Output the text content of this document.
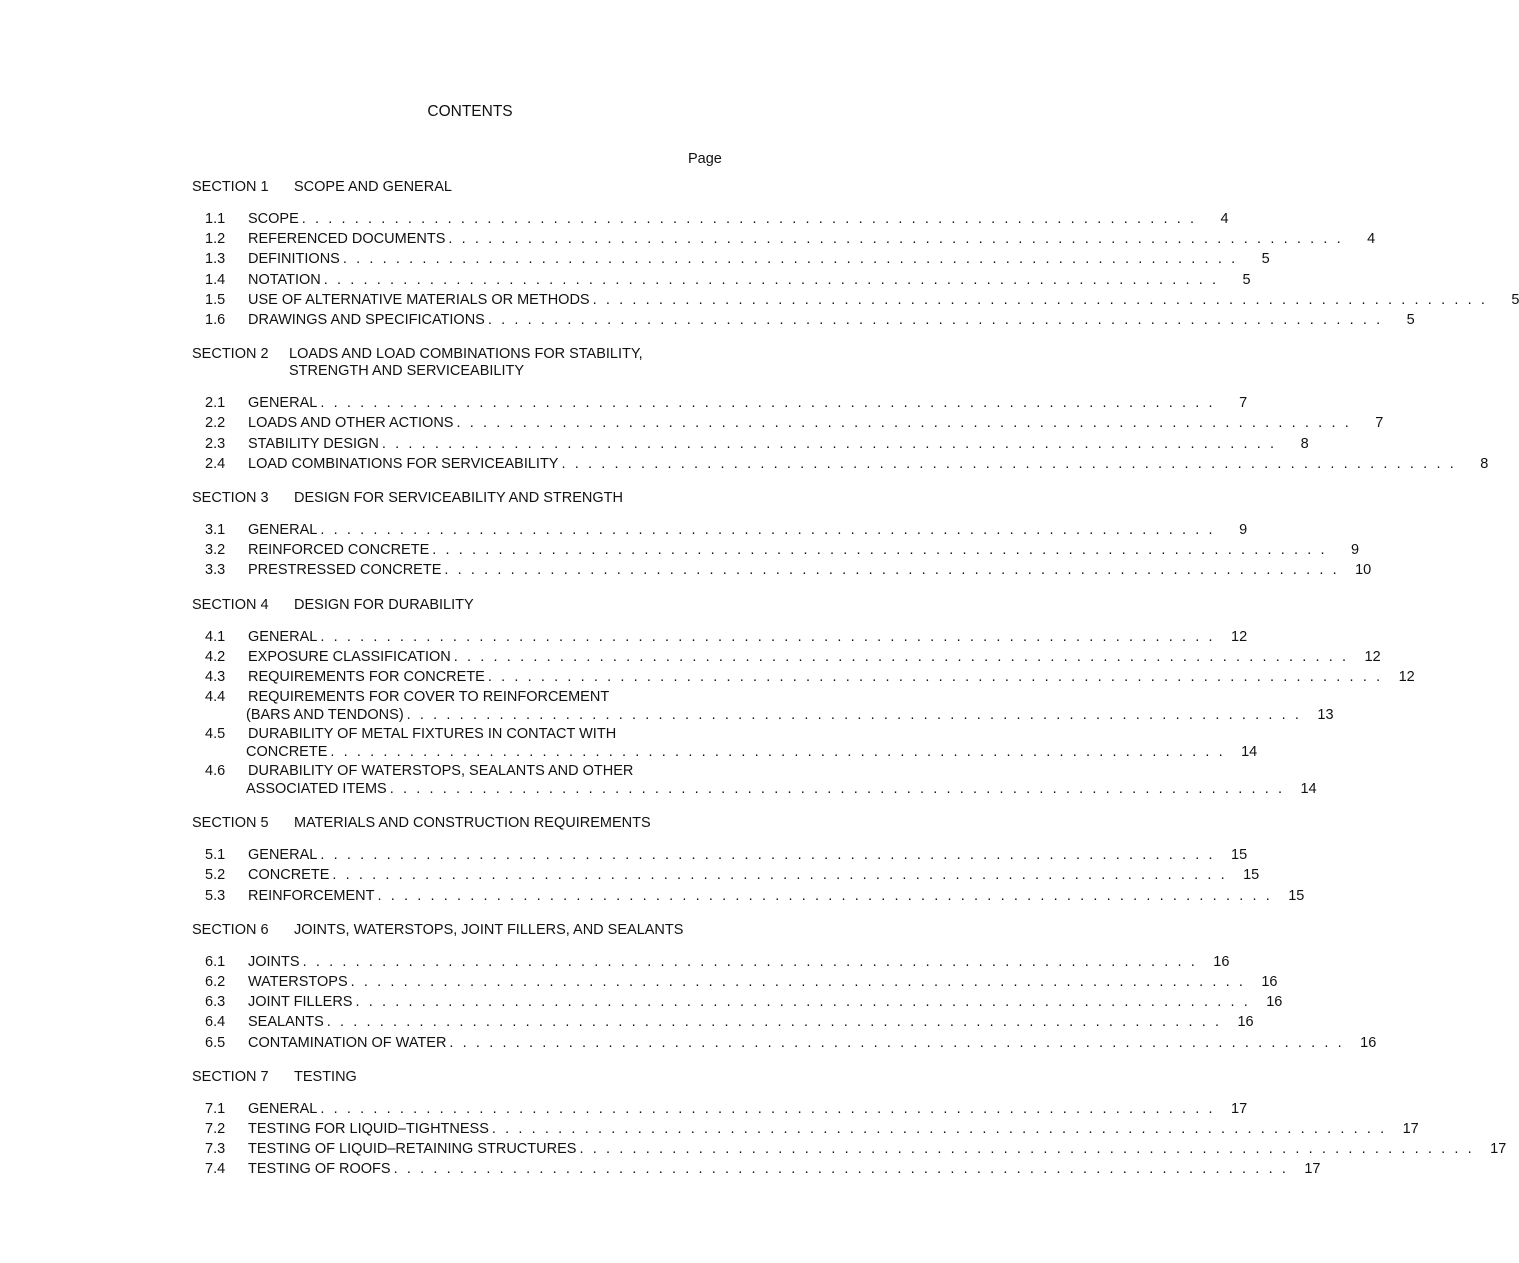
CONTENTS
Page
SECTION 1	SCOPE AND GENERAL
1.1	SCOPE . . . . . . . . . . . . . . . . . . . . . . . . . . . . . . . . . . . . . . . . . . . . . . . . . . . . . . . . . . . . . . . . . . . .	4
1.2	REFERENCED DOCUMENTS . . . . . . . . . . . . . . . . . . . . . . . . . . . . . . . . . . . . . . . . . . . . . . . . . . . . . . . . . . . . . . . . . . . .	4
1.3	DEFINITIONS . . . . . . . . . . . . . . . . . . . . . . . . . . . . . . . . . . . . . . . . . . . . . . . . . . . . . . . . . . . . . . . . . . . .	5
1.4	NOTATION . . . . . . . . . . . . . . . . . . . . . . . . . . . . . . . . . . . . . . . . . . . . . . . . . . . . . . . . . . . . . . . . . . . .	5
1.5	USE OF ALTERNATIVE MATERIALS OR METHODS . . . . . . . . . . . . . . . . . . . . . . . . . . . . . . . . . . . . . . . . . . . . . . . . . . . . . . . . . . . . . . . . . . . .	5
1.6	DRAWINGS AND SPECIFICATIONS . . . . . . . . . . . . . . . . . . . . . . . . . . . . . . . . . . . . . . . . . . . . . . . . . . . . . . . . . . . . . . . . . . . .	5
SECTION 2	LOADS AND LOAD COMBINATIONS FOR STABILITY,
STRENGTH AND SERVICEABILITY
2.1	GENERAL . . . . . . . . . . . . . . . . . . . . . . . . . . . . . . . . . . . . . . . . . . . . . . . . . . . . . . . . . . . . . . . . . . . .	7
2.2	LOADS AND OTHER ACTIONS . . . . . . . . . . . . . . . . . . . . . . . . . . . . . . . . . . . . . . . . . . . . . . . . . . . . . . . . . . . . . . . . . . . .	7
2.3	STABILITY DESIGN . . . . . . . . . . . . . . . . . . . . . . . . . . . . . . . . . . . . . . . . . . . . . . . . . . . . . . . . . . . . . . . . . . . .	8
2.4	LOAD COMBINATIONS FOR SERVICEABILITY . . . . . . . . . . . . . . . . . . . . . . . . . . . . . . . . . . . . . . . . . . . . . . . . . . . . . . . . . . . . . . . . . . . .	8
SECTION 3	DESIGN FOR SERVICEABILITY AND STRENGTH
3.1	GENERAL . . . . . . . . . . . . . . . . . . . . . . . . . . . . . . . . . . . . . . . . . . . . . . . . . . . . . . . . . . . . . . . . . . . .	9
3.2	REINFORCED CONCRETE . . . . . . . . . . . . . . . . . . . . . . . . . . . . . . . . . . . . . . . . . . . . . . . . . . . . . . . . . . . . . . . . . . . .	9
3.3	PRESTRESSED CONCRETE . . . . . . . . . . . . . . . . . . . . . . . . . . . . . . . . . . . . . . . . . . . . . . . . . . . . . . . . . . . . . . . . . . . .	10
SECTION 4	DESIGN FOR DURABILITY
4.1	GENERAL . . . . . . . . . . . . . . . . . . . . . . . . . . . . . . . . . . . . . . . . . . . . . . . . . . . . . . . . . . . . . . . . . . . .	12
4.2	EXPOSURE CLASSIFICATION . . . . . . . . . . . . . . . . . . . . . . . . . . . . . . . . . . . . . . . . . . . . . . . . . . . . . . . . . . . . . . . . . . . .	12
4.3	REQUIREMENTS FOR CONCRETE . . . . . . . . . . . . . . . . . . . . . . . . . . . . . . . . . . . . . . . . . . . . . . . . . . . . . . . . . . . . . . . . . . . .	12
4.4	REQUIREMENTS FOR COVER TO REINFORCEMENT
(BARS AND TENDONS) . . . . . . . . . . . . . . . . . . . . . . . . . . . . . . . . . . . . . . . . . . . . . . . . . . . . . . . . . . . . . . . . . . . .	13
4.5	DURABILITY OF METAL FIXTURES IN CONTACT WITH
CONCRETE . . . . . . . . . . . . . . . . . . . . . . . . . . . . . . . . . . . . . . . . . . . . . . . . . . . . . . . . . . . . . . . . . . . .	14
4.6	DURABILITY OF WATERSTOPS, SEALANTS AND OTHER
ASSOCIATED ITEMS . . . . . . . . . . . . . . . . . . . . . . . . . . . . . . . . . . . . . . . . . . . . . . . . . . . . . . . . . . . . . . . . . . . .	14
SECTION 5	MATERIALS AND CONSTRUCTION REQUIREMENTS
5.1	GENERAL . . . . . . . . . . . . . . . . . . . . . . . . . . . . . . . . . . . . . . . . . . . . . . . . . . . . . . . . . . . . . . . . . . . .	15
5.2	CONCRETE . . . . . . . . . . . . . . . . . . . . . . . . . . . . . . . . . . . . . . . . . . . . . . . . . . . . . . . . . . . . . . . . . . . .	15
5.3	REINFORCEMENT . . . . . . . . . . . . . . . . . . . . . . . . . . . . . . . . . . . . . . . . . . . . . . . . . . . . . . . . . . . . . . . . . . . .	15
SECTION 6	JOINTS, WATERSTOPS, JOINT FILLERS, AND SEALANTS
6.1	JOINTS . . . . . . . . . . . . . . . . . . . . . . . . . . . . . . . . . . . . . . . . . . . . . . . . . . . . . . . . . . . . . . . . . . . .	16
6.2	WATERSTOPS . . . . . . . . . . . . . . . . . . . . . . . . . . . . . . . . . . . . . . . . . . . . . . . . . . . . . . . . . . . . . . . . . . . .	16
6.3	JOINT FILLERS . . . . . . . . . . . . . . . . . . . . . . . . . . . . . . . . . . . . . . . . . . . . . . . . . . . . . . . . . . . . . . . . . . . .	16
6.4	SEALANTS . . . . . . . . . . . . . . . . . . . . . . . . . . . . . . . . . . . . . . . . . . . . . . . . . . . . . . . . . . . . . . . . . . . .	16
6.5	CONTAMINATION OF WATER . . . . . . . . . . . . . . . . . . . . . . . . . . . . . . . . . . . . . . . . . . . . . . . . . . . . . . . . . . . . . . . . . . . .	16
SECTION 7	TESTING
7.1	GENERAL . . . . . . . . . . . . . . . . . . . . . . . . . . . . . . . . . . . . . . . . . . . . . . . . . . . . . . . . . . . . . . . . . . . .	17
7.2	TESTING FOR LIQUID–TIGHTNESS . . . . . . . . . . . . . . . . . . . . . . . . . . . . . . . . . . . . . . . . . . . . . . . . . . . . . . . . . . . . . . . . . . . .	17
7.3	TESTING OF LIQUID–RETAINING STRUCTURES . . . . . . . . . . . . . . . . . . . . . . . . . . . . . . . . . . . . . . . . . . . . . . . . . . . . . . . . . . . . . . . . . . . .	17
7.4	TESTING OF ROOFS . . . . . . . . . . . . . . . . . . . . . . . . . . . . . . . . . . . . . . . . . . . . . . . . . . . . . . . . . . . . . . . . . . . .	17
